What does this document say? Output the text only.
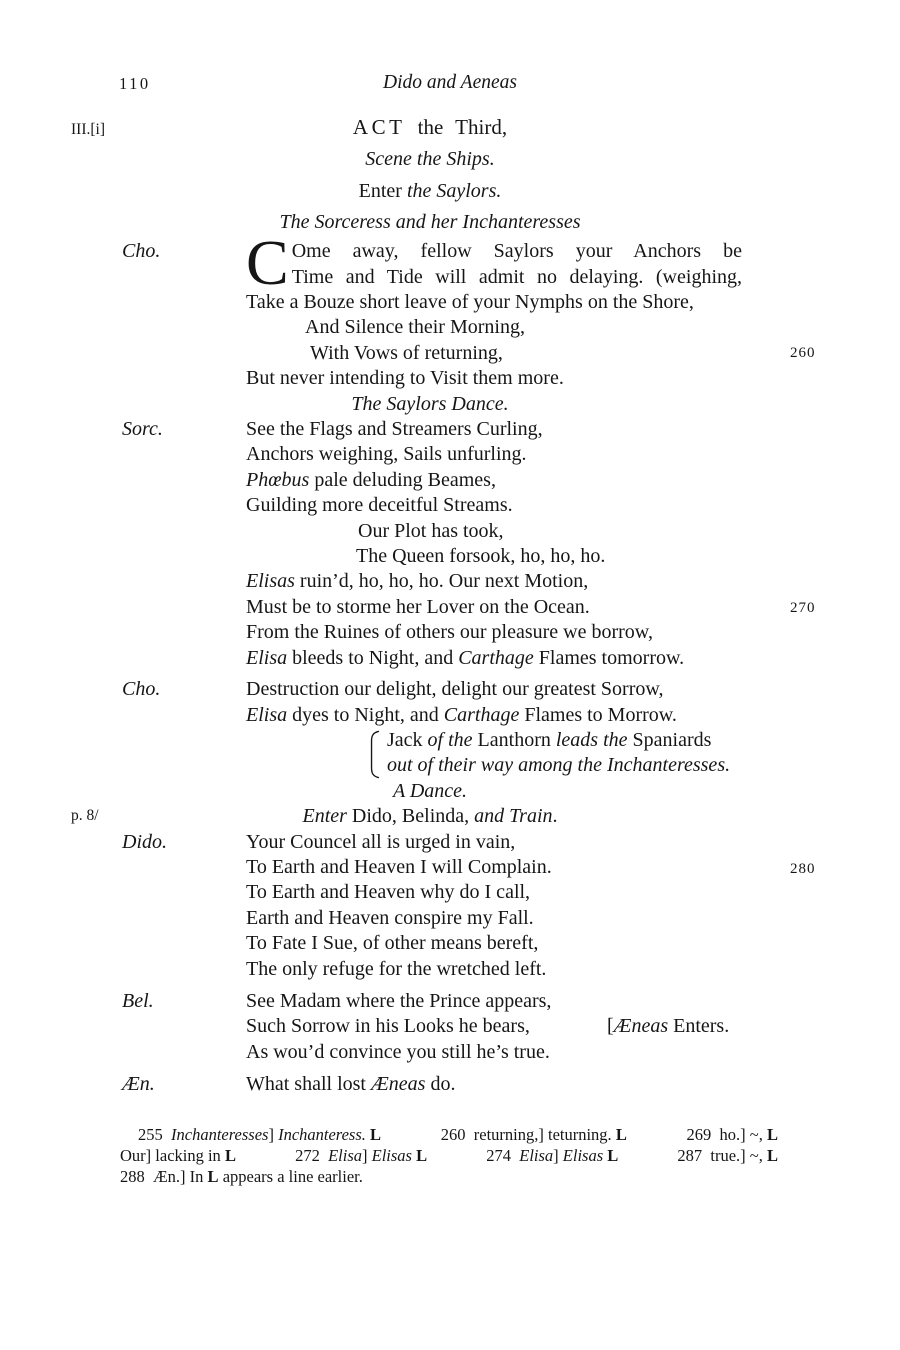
110	Dido and Aeneas
III.[i]
p. 8/
260
270
280
ACT the Third,
Scene the Ships.
Enter the Saylors.
The Sorceress and her Inchanteresses
Cho.	C Ome away, fellow Saylors your Anchors be
Time and Tide will admit no delaying. (weighing,
Take a Bouze short leave of your Nymphs on the Shore,
And Silence their Morning,
With Vows of returning,
But never intending to Visit them more.
The Saylors Dance.
Sorc.	See the Flags and Streamers Curling,
Anchors weighing, Sails unfurling.
Phœbus pale deluding Beames,
Guilding more deceitful Streams.
Our Plot has took,
The Queen forsook, ho, ho, ho.
Elisas ruin’d, ho, ho, ho. Our next Motion,
Must be to storme her Lover on the Ocean.
From the Ruines of others our pleasure we borrow,
Elisa bleeds to Night, and Carthage Flames tomorrow.
Cho.	Destruction our delight, delight our greatest Sorrow,
Elisa dyes to Night, and Carthage Flames to Morrow.
Jack of the Lanthorn leads the Spaniards
out of their way among the Inchanteresses.
A Dance.
Enter Dido, Belinda, and Train.
Dido.	Your Councel all is urged in vain,
To Earth and Heaven I will Complain.
To Earth and Heaven why do I call,
Earth and Heaven conspire my Fall.
To Fate I Sue, of other means bereft,
The only refuge for the wretched left.
Bel.	See Madam where the Prince appears,
Such Sorrow in his Looks he bears,	[Æneas Enters.
As wou’d convince you still he’s true.
Æn.	What shall lost Æneas do.
255  Inchanteresses] Inchanteress. L	260  returning,] teturning. L	269  ho.] ~, L
Our] lacking in L	272  Elisa] Elisas L	274  Elisa] Elisas L	287  true.] ~, L
288  Æn.] In L appears a line earlier.
